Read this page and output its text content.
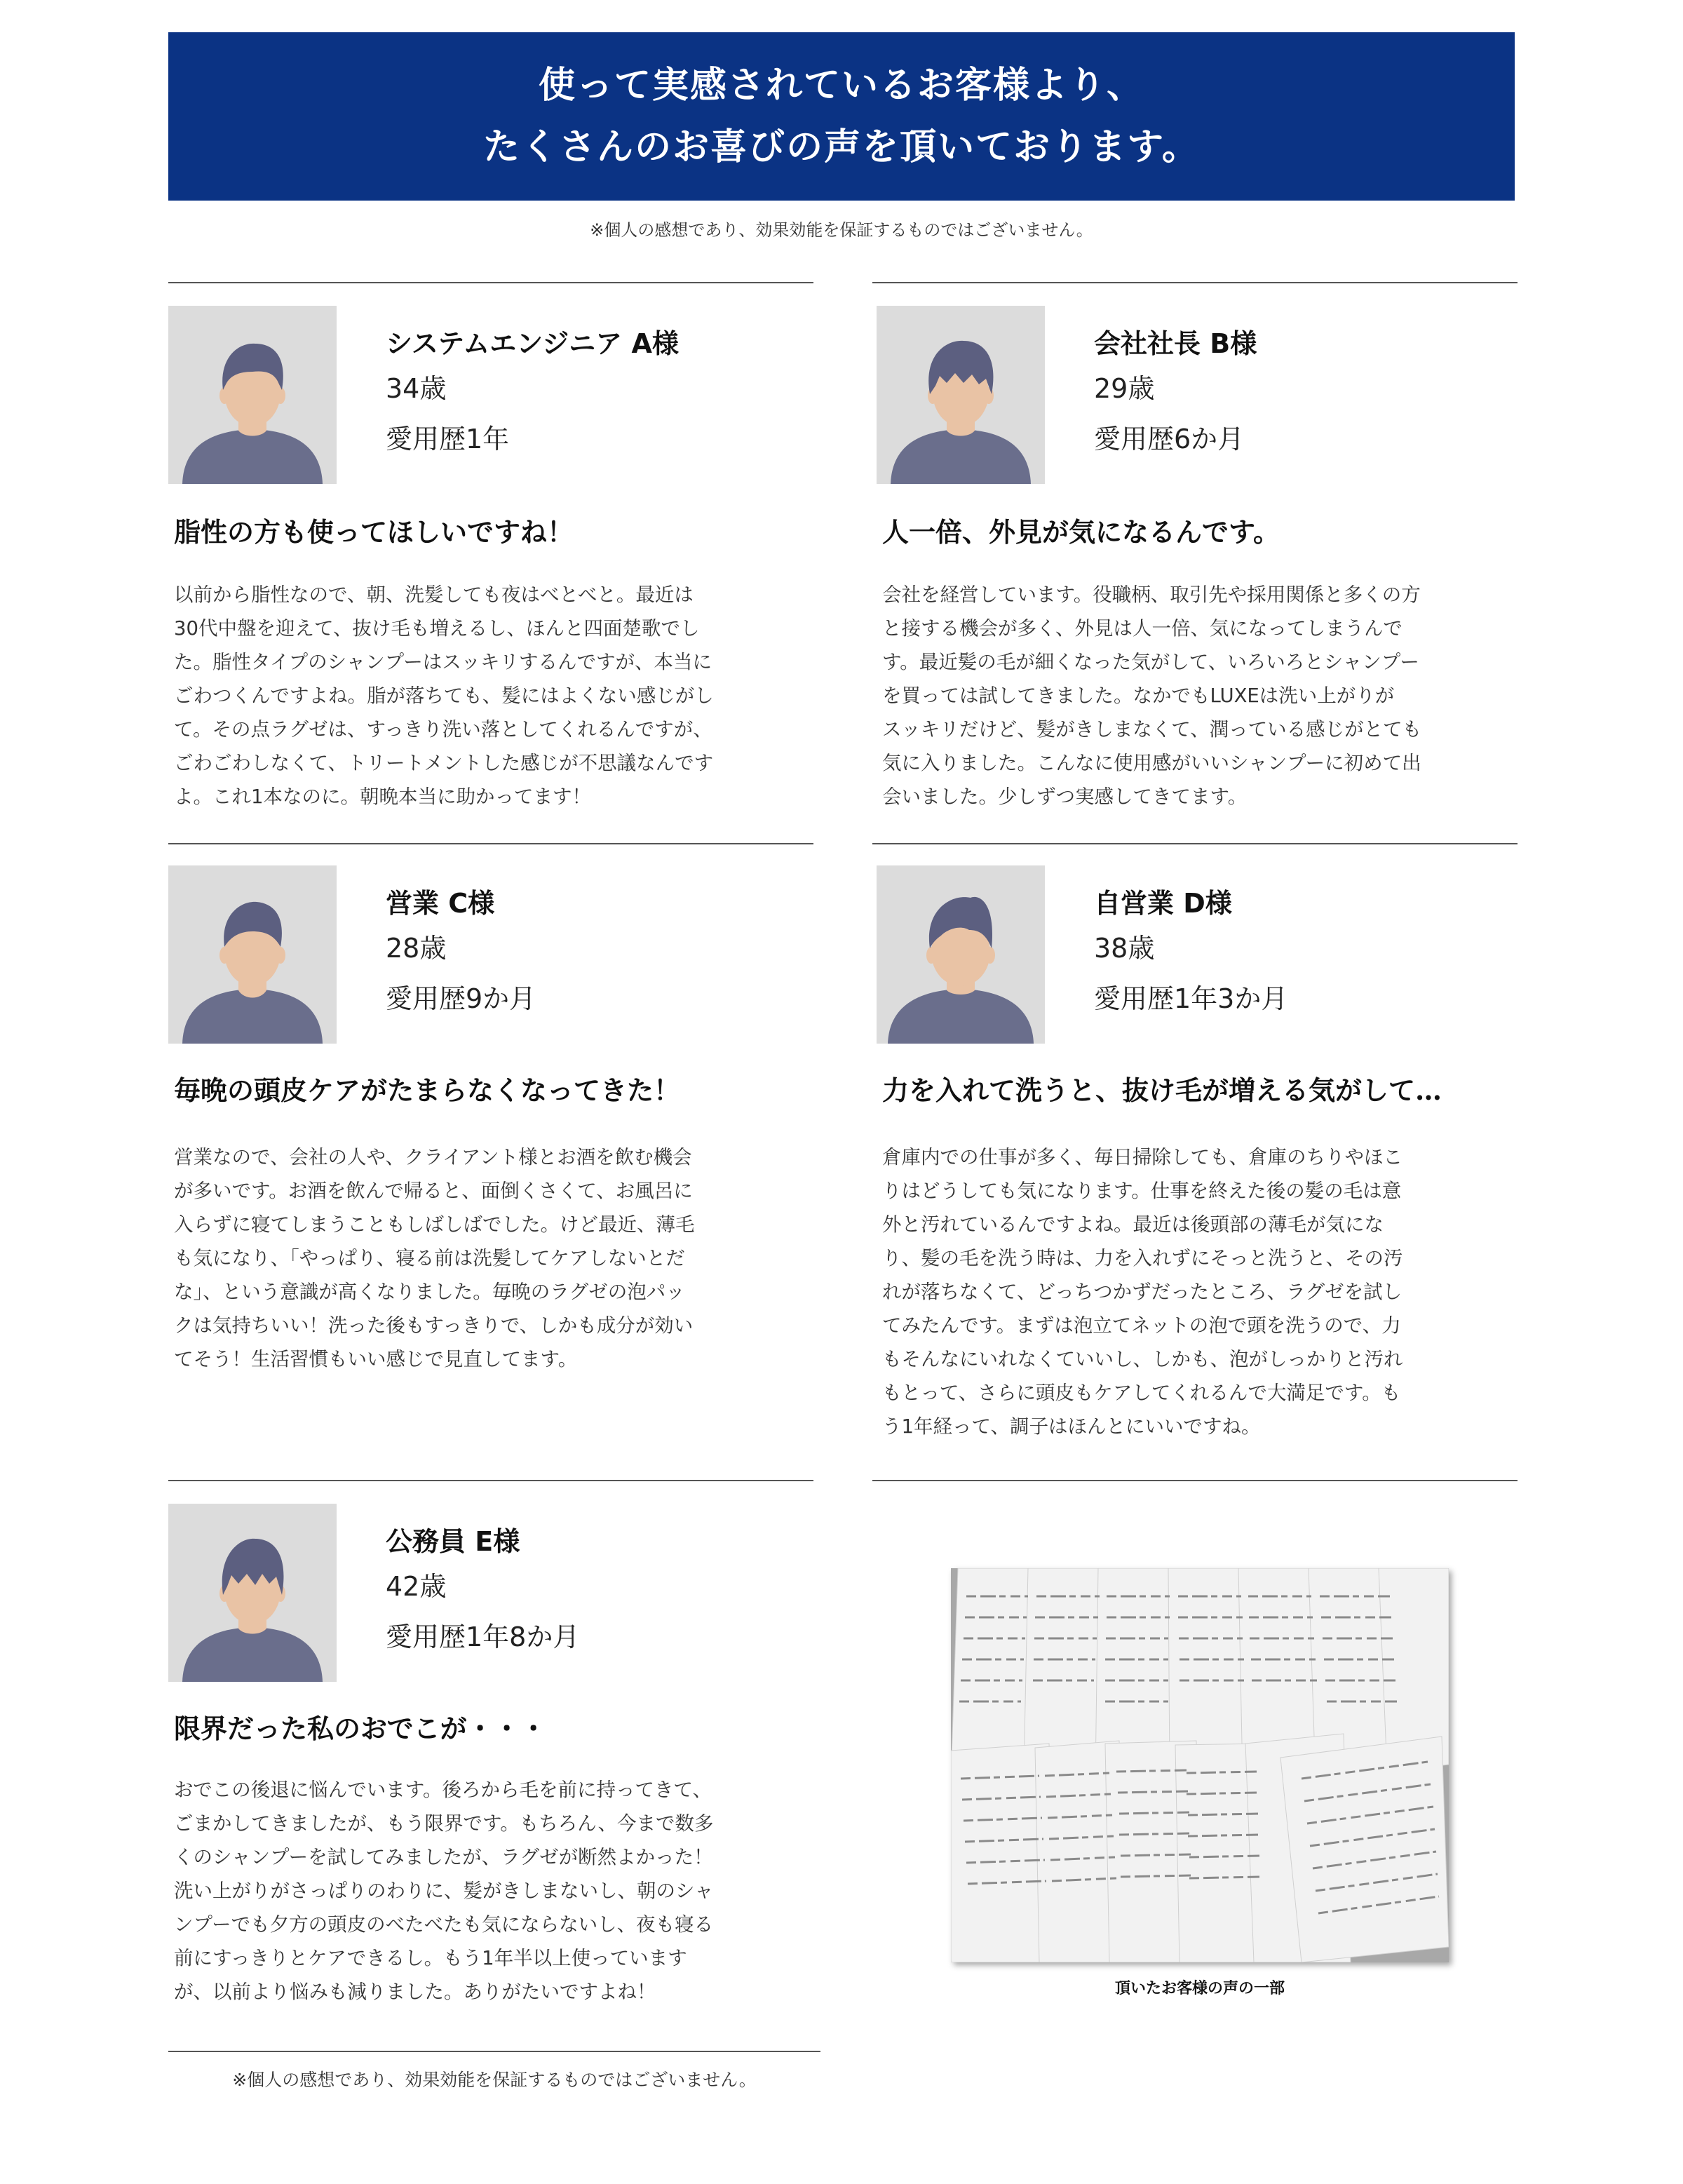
使って実感されているお客様より、
たくさんのお喜びの声を頂いております。
※個人の感想であり、効果効能を保証するものではございません。
システムエンジニア A様
34歳
愛用歴1年
脂性の方も使ってほしいですね！
以前から脂性なので、朝、洗髪しても夜はべとべと。最近は
30代中盤を迎えて、抜け毛も増えるし、ほんと四面楚歌でし
た。脂性タイプのシャンプーはスッキリするんですが、本当に
ごわつくんですよね。脂が落ちても、髪にはよくない感じがし
て。その点ラグゼは、すっきり洗い落としてくれるんですが、
ごわごわしなくて、トリートメントした感じが不思議なんです
よ。これ1本なのに。朝晩本当に助かってます！
会社社長 B様
29歳
愛用歴6か月
人一倍、外見が気になるんです。
会社を経営しています。役職柄、取引先や採用関係と多くの方
と接する機会が多く、外見は人一倍、気になってしまうんで
す。最近髪の毛が細くなった気がして、いろいろとシャンプー
を買っては試してきました。なかでもLUXEは洗い上がりが
スッキリだけど、髪がきしまなくて、潤っている感じがとても
気に入りました。こんなに使用感がいいシャンプーに初めて出
会いました。少しずつ実感してきてます。
営業 C様
28歳
愛用歴9か月
毎晩の頭皮ケアがたまらなくなってきた！
営業なので、会社の人や、クライアント様とお酒を飲む機会
が多いです。お酒を飲んで帰ると、面倒くさくて、お風呂に
入らずに寝てしまうこともしばしばでした。けど最近、薄毛
も気になり、「やっぱり、寝る前は洗髪してケアしないとだ
な」、という意識が高くなりました。毎晩のラグゼの泡パッ
クは気持ちいい！洗った後もすっきりで、しかも成分が効い
てそう！生活習慣もいい感じで見直してます。
自営業 D様
38歳
愛用歴1年3か月
力を入れて洗うと、抜け毛が増える気がして…
倉庫内での仕事が多く、毎日掃除しても、倉庫のちりやほこ
りはどうしても気になります。仕事を終えた後の髪の毛は意
外と汚れているんですよね。最近は後頭部の薄毛が気にな
り、髪の毛を洗う時は、力を入れずにそっと洗うと、その汚
れが落ちなくて、どっちつかずだったところ、ラグゼを試し
てみたんです。まずは泡立てネットの泡で頭を洗うので、力
もそんなにいれなくていいし、しかも、泡がしっかりと汚れ
もとって、さらに頭皮もケアしてくれるんで大満足です。も
う1年経って、調子はほんとにいいですね。
公務員 E様
42歳
愛用歴1年8か月
限界だった私のおでこが・・・
おでこの後退に悩んでいます。後ろから毛を前に持ってきて、
ごまかしてきましたが、もう限界です。もちろん、今まで数多
くのシャンプーを試してみましたが、ラグゼが断然よかった！
洗い上がりがさっぱりのわりに、髪がきしまないし、朝のシャ
ンプーでも夕方の頭皮のべたべたも気にならないし、夜も寝る
前にすっきりとケアできるし。もう1年半以上使っています
が、以前より悩みも減りました。ありがたいですよね！	頂いたお客様の声の一部
※個人の感想であり、効果効能を保証するものではございません。
